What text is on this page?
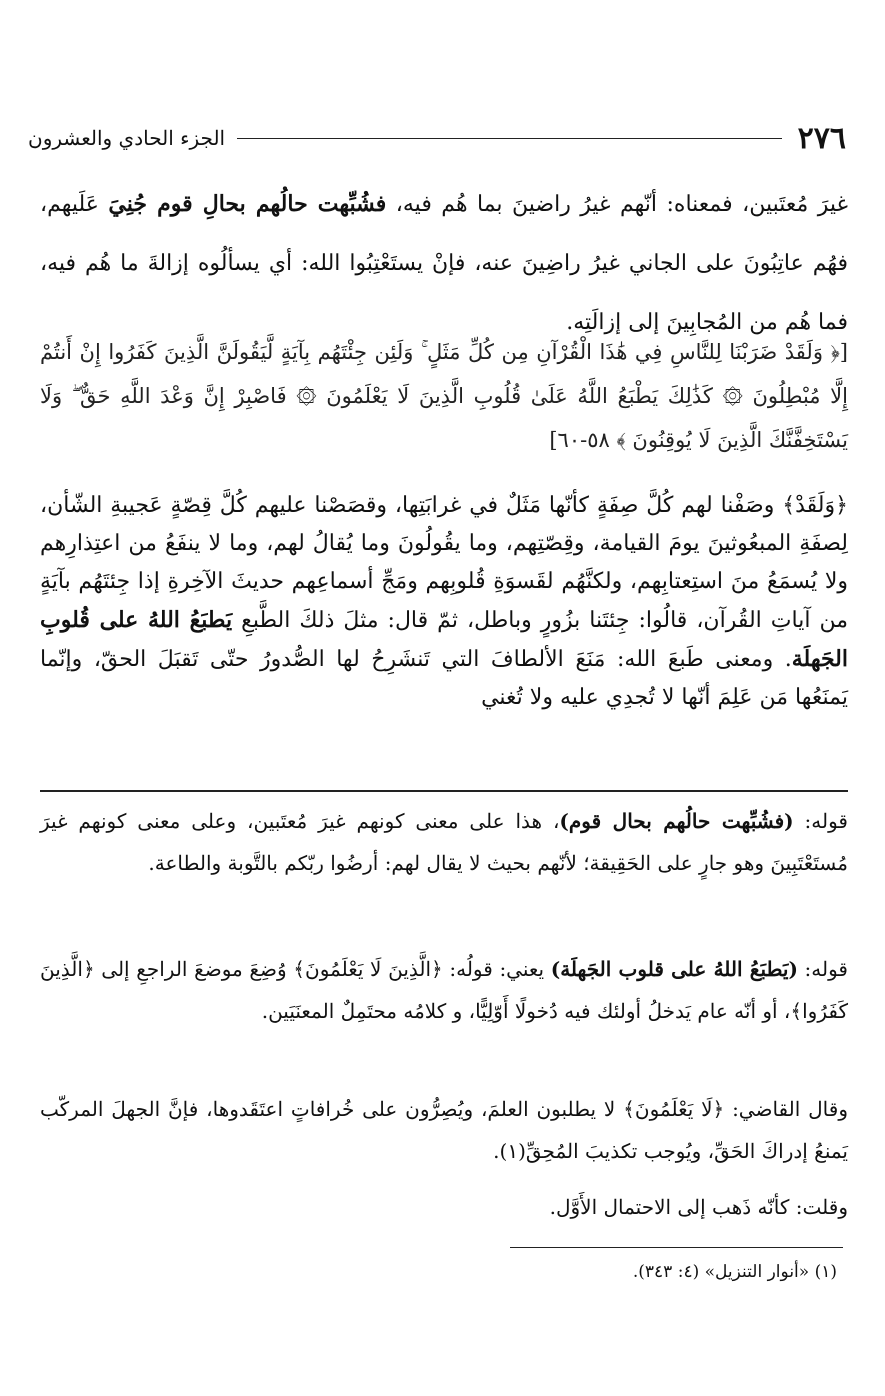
٢٧٦
الجزء الحادي والعشرون
غيرَ مُعتَبين، فمعناه: أنّهم غيرُ راضينَ بما هُم فيه، فشُبِّهت حالُهم بحالِ قوم جُنِيَ عَلَيهم، فهُم عاتِبُونَ على الجاني غيرُ راضِينَ عنه، فإنْ يستَعْتِبُوا الله: أي يسألُوه إزالةَ ما هُم فيه، فما هُم من المُجابِينَ إلى إزالَتِه.
[﴿ وَلَقَدْ ضَرَبْنَا لِلنَّاسِ فِي هَٰذَا الْقُرْآنِ مِن كُلِّ مَثَلٍ ۚ وَلَئِن جِئْتَهُم بِآيَةٍ لَّيَقُولَنَّ الَّذِينَ كَفَرُوا إِنْ أَنتُمْ إِلَّا مُبْطِلُونَ ۞ كَذَٰلِكَ يَطْبَعُ اللَّهُ عَلَىٰ قُلُوبِ الَّذِينَ لَا يَعْلَمُونَ ۞ فَاصْبِرْ إِنَّ وَعْدَ اللَّهِ حَقٌّ ۖ وَلَا يَسْتَخِفَّنَّكَ الَّذِينَ لَا يُوقِنُونَ ﴾ ٥٨-٦٠]
﴿وَلَقَدْ﴾ وصَفْنا لهم كُلَّ صِفَةٍ كأنّها مَثَلٌ في غرابَتِها، وقصَصْنا عليهم كُلَّ قِصّةٍ عَجيبةِ الشّأن، لِصفَةِ المبعُوثينَ يومَ القيامة، وقِصّتِهم، وما يقُولُونَ وما يُقالُ لهم، وما لا ينفَعُ من اعتِذارِهم ولا يُسمَعُ منَ استِعتابِهم، ولكنَّهُم لقَسوَةِ قُلوبِهم ومَجِّ أسماعِهم حديثَ الآخِرةِ إذا جِئتَهُم بآيَةٍ من آياتِ القُرآن، قالُوا: جِئتَنا بزُورٍ وباطل، ثمّ قال: مثلَ ذلكَ الطَّبعِ يَطبَعُ اللهُ على قُلوبِ الجَهلَة. ومعنى طَبعَ الله: مَنَعَ الألطافَ التي تَنشَرِحُ لها الصُّدورُ حتّى تَقبَلَ الحقّ، وإنّما يَمنَعُها مَن عَلِمَ أنّها لا تُجدِي عليه ولا تُغني
قوله: (فشُبِّهت حالُهم بحال قوم)، هذا على معنى كونهم غيرَ مُعتَبين، وعلى معنى كونهم غيرَ مُستَعْتَبِينَ وهو جارٍ على الحَقِيقة؛ لأنّهم بحيث لا يقال لهم: أرضُوا ربّكم بالتَّوبة والطاعة.
قوله: (يَطبَعُ اللهُ على قلوب الجَهلَة) يعني: قولُه: ﴿الَّذِينَ لَا يَعْلَمُونَ﴾ وُضِعَ موضعَ الراجعِ إلى ﴿الَّذِينَ كَفَرُوا﴾، أو أنّه عام يَدخلُ أولئك فيه دُخولًا أَوّلِيًّا، و كلامُه محتَمِلٌ المعنَيَين.
وقال القاضي: ﴿لَا يَعْلَمُونَ﴾ لا يطلبون العلمَ، ويُصِرُّون على خُرافاتٍ اعتَقَدوها، فإنَّ الجهلَ المركّب يَمنعُ إدراكَ الحَقِّ، ويُوجب تكذيبَ المُحِقِّ(١).
وقلت: كأنّه ذَهب إلى الاحتمال الأَوَّل.
(١) «أنوار التنزيل» (٤: ٣٤٣).
